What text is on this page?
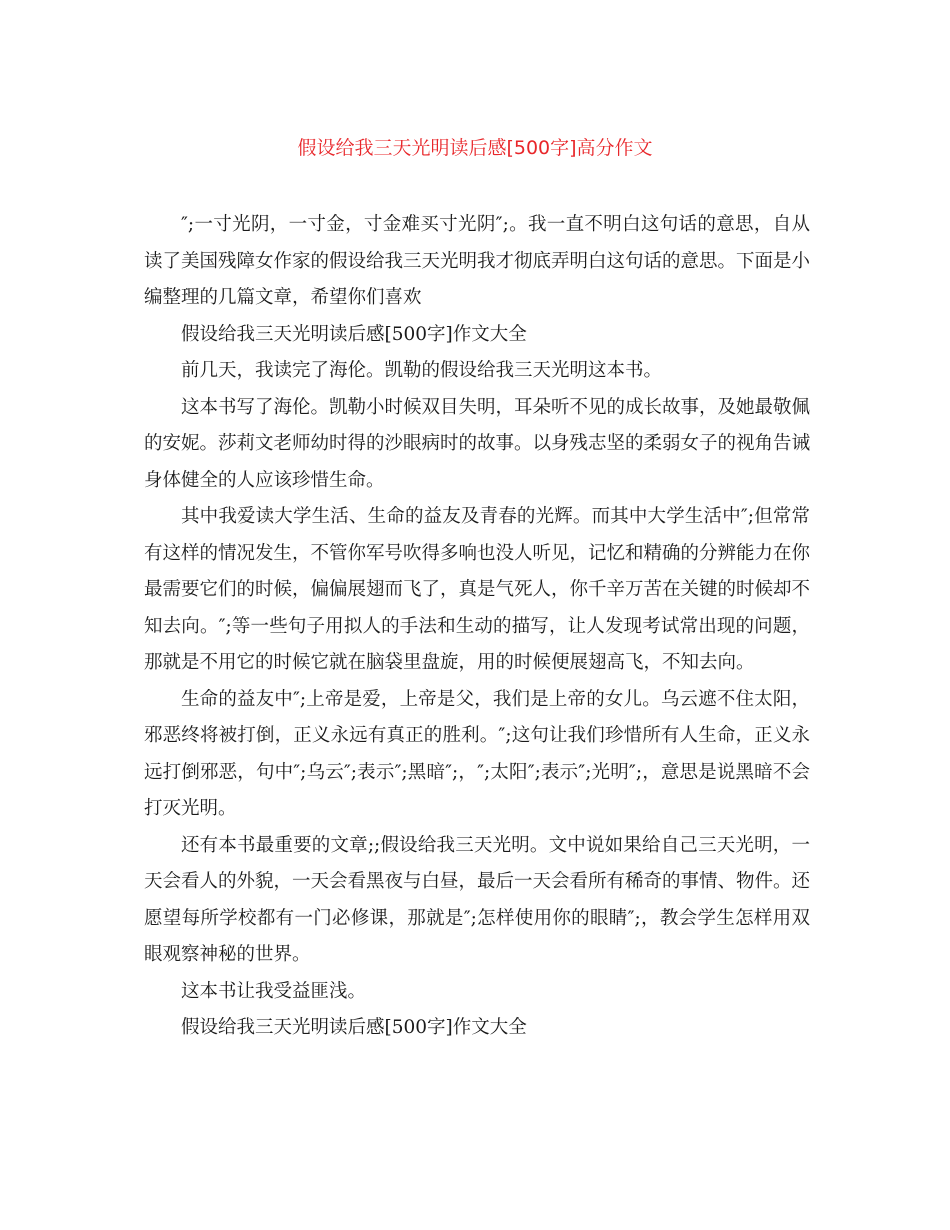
假设给我三天光明读后感[500字]高分作文

″;一寸光阴，一寸金，寸金难买寸光阴″;。我一直不明白这句话的意思，自从读了美国残障女作家的假设给我三天光明我才彻底弄明白这句话的意思。下面是小编整理的几篇文章，希望你们喜欢

假设给我三天光明读后感[500字]作文大全

前几天，我读完了海伦。凯勒的假设给我三天光明这本书。

这本书写了海伦。凯勒小时候双目失明，耳朵听不见的成长故事，及她最敬佩的安妮。莎莉文老师幼时得的沙眼病时的故事。以身残志坚的柔弱女子的视角告诫身体健全的人应该珍惜生命。

其中我爱读大学生活、生命的益友及青春的光辉。而其中大学生活中″;但常常有这样的情况发生，不管你军号吹得多响也没人听见，记忆和精确的分辨能力在你最需要它们的时候，偏偏展翅而飞了，真是气死人，你千辛万苦在关键的时候却不知去向。″;等一些句子用拟人的手法和生动的描写，让人发现考试常出现的问题，那就是不用它的时候它就在脑袋里盘旋，用的时候便展翅高飞，不知去向。

生命的益友中″;上帝是爱，上帝是父，我们是上帝的女儿。乌云遮不住太阳，邪恶终将被打倒，正义永远有真正的胜利。″;这句让我们珍惜所有人生命，正义永远打倒邪恶，句中″;乌云″;表示″;黑暗″;，″;太阳″;表示″;光明″;，意思是说黑暗不会打灭光明。

还有本书最重要的文章;;假设给我三天光明。文中说如果给自己三天光明，一天会看人的外貌，一天会看黑夜与白昼，最后一天会看所有稀奇的事情、物件。还愿望每所学校都有一门必修课，那就是″;怎样使用你的眼睛″;，教会学生怎样用双眼观察神秘的世界。

这本书让我受益匪浅。

假设给我三天光明读后感[500字]作文大全
